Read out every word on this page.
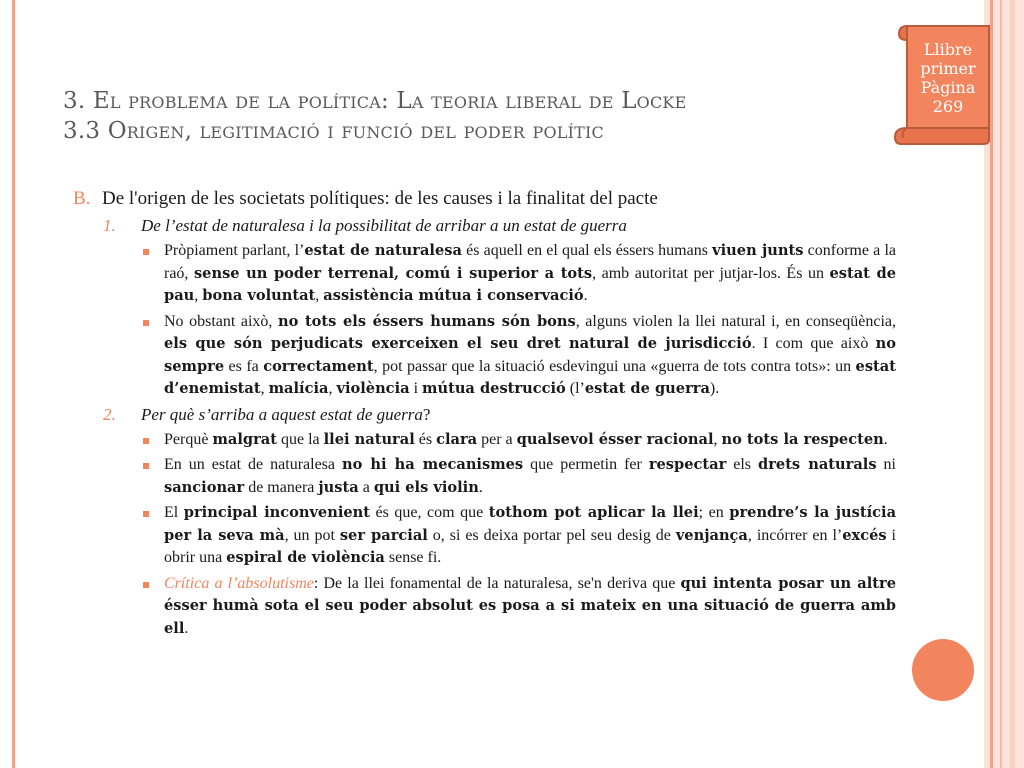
3. El problema de la política: La teoria liberal de Locke
3.3 Origen, legitimació i funció del poder polític
Llibre
primer
Pàgina
269
B. De l'origen de les societats polítiques: de les causes i la finalitat del pacte
1. De l’estat de naturalesa i la possibilitat de arribar a un estat de guerra
Pròpiament parlant, l’estat de naturalesa és aquell en el qual els éssers humans viuen junts conforme a la raó, sense un poder terrenal, comú i superior a tots, amb autoritat per jutjar-los. És un estat de pau, bona voluntat, assistència mútua i conservació.
No obstant això, no tots els éssers humans són bons, alguns violen la llei natural i, en conseqüència, els que són perjudicats exerceixen el seu dret natural de jurisdicció. I com que això no sempre es fa correctament, pot passar que la situació esdevingui una «guerra de tots contra tots»: un estat d’enemistat, malícia, violència i mútua destrucció (l’estat de guerra).
2. Per què s’arriba a aquest estat de guerra?
Perquè malgrat que la llei natural és clara per a qualsevol ésser racional, no tots la respecten.
En un estat de naturalesa no hi ha mecanismes que permetin fer respectar els drets naturals ni sancionar de manera justa a qui els violin.
El principal inconvenient és que, com que tothom pot aplicar la llei; en prendre’s la justícia per la seva mà, un pot ser parcial o, si es deixa portar pel seu desig de venjança, incórrer en l’excés i obrir una espiral de violència sense fi.
Crítica a l’absolutisme: De la llei fonamental de la naturalesa, se'n deriva que qui intenta posar un altre ésser humà sota el seu poder absolut es posa a si mateix en una situació de guerra amb ell.
